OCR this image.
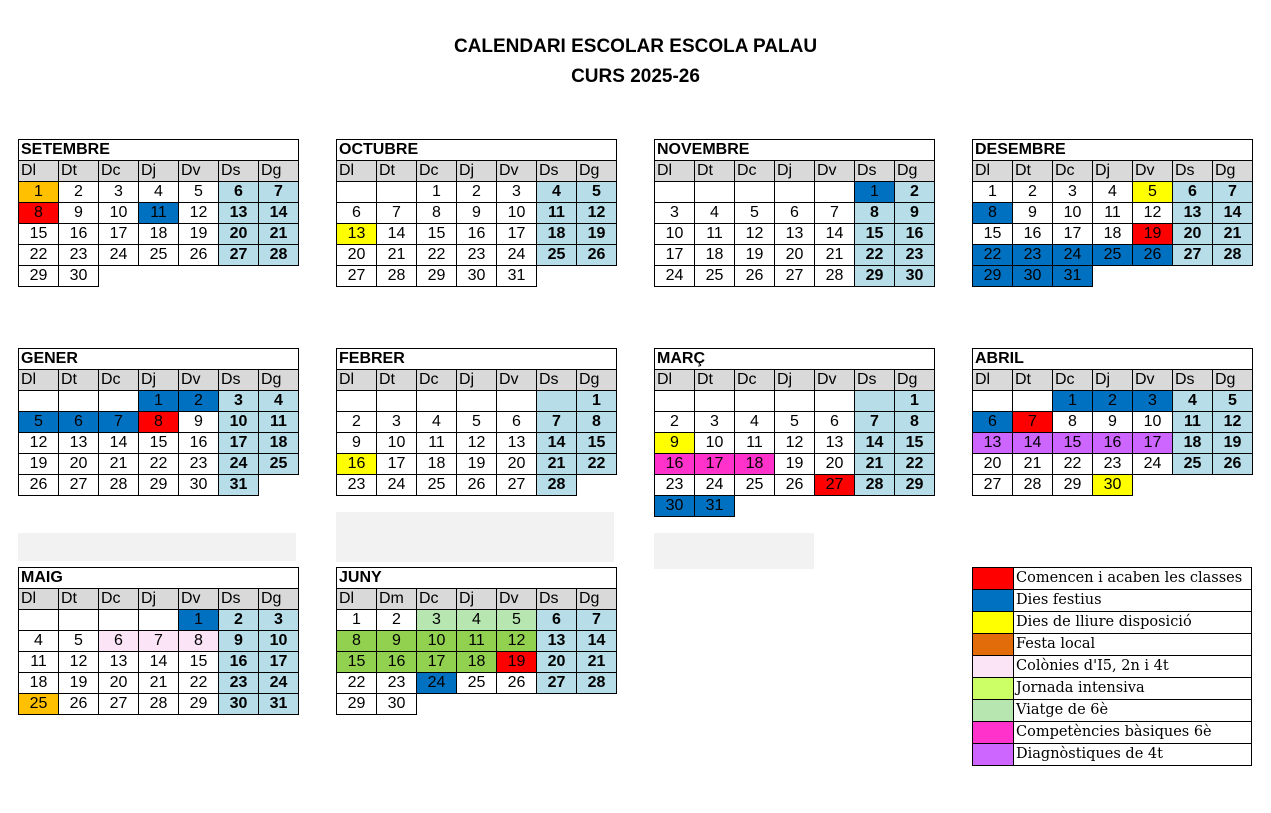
CALENDARI ESCOLAR ESCOLA PALAU
CURS 2025-26
SETEMBRE						
Dl	Dt	Dc	Dj	Dv	Ds	Dg
1	2	3	4	5	6	7
8	9	10	11	12	13	14
15	16	17	18	19	20	21
22	23	24	25	26	27	28
29	30					
OCTUBRE						
Dl	Dt	Dc	Dj	Dv	Ds	Dg
		1	2	3	4	5
6	7	8	9	10	11	12
13	14	15	16	17	18	19
20	21	22	23	24	25	26
27	28	29	30	31		
NOVEMBRE						
Dl	Dt	Dc	Dj	Dv	Ds	Dg
					1	2
3	4	5	6	7	8	9
10	11	12	13	14	15	16
17	18	19	20	21	22	23
24	25	26	27	28	29	30
DESEMBRE						
Dl	Dt	Dc	Dj	Dv	Ds	Dg
1	2	3	4	5	6	7
8	9	10	11	12	13	14
15	16	17	18	19	20	21
22	23	24	25	26	27	28
29	30	31				
GENER						
Dl	Dt	Dc	Dj	Dv	Ds	Dg
			1	2	3	4
5	6	7	8	9	10	11
12	13	14	15	16	17	18
19	20	21	22	23	24	25
26	27	28	29	30	31	
FEBRER						
Dl	Dt	Dc	Dj	Dv	Ds	Dg
						1
2	3	4	5	6	7	8
9	10	11	12	13	14	15
16	17	18	19	20	21	22
23	24	25	26	27	28	
MARÇ						
Dl	Dt	Dc	Dj	Dv	Ds	Dg
						1
2	3	4	5	6	7	8
9	10	11	12	13	14	15
16	17	18	19	20	21	22
23	24	25	26	27	28	29
30	31					
ABRIL						
Dl	Dt	Dc	Dj	Dv	Ds	Dg
		1	2	3	4	5
6	7	8	9	10	11	12
13	14	15	16	17	18	19
20	21	22	23	24	25	26
27	28	29	30			
MAIG						
Dl	Dt	Dc	Dj	Dv	Ds	Dg
				1	2	3
4	5	6	7	8	9	10
11	12	13	14	15	16	17
18	19	20	21	22	23	24
25	26	27	28	29	30	31
JUNY						
Dl	Dm	Dc	Dj	Dv	Ds	Dg
1	2	3	4	5	6	7
8	9	10	11	12	13	14
15	16	17	18	19	20	21
22	23	24	25	26	27	28
29	30					
	Comencen i acaben les classes
	Dies festius
	Dies de lliure disposició
	Festa local
	Colònies d'I5, 2n i 4t
	Jornada intensiva
	Viatge de 6è
	Competències bàsiques 6è
	Diagnòstiques de 4t
